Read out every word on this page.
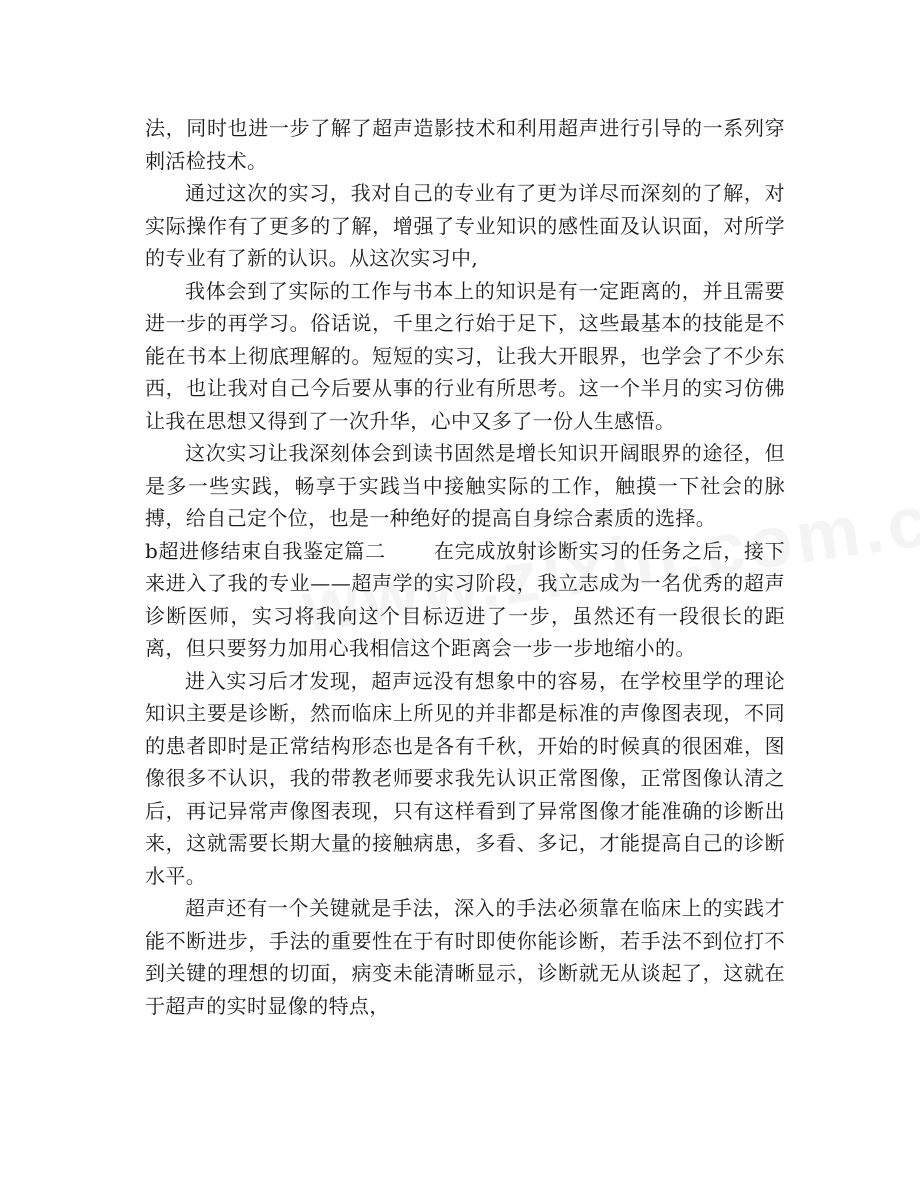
法，同时也进一步了解了超声造影技术和利用超声进行引导的一系列穿刺活检技术。

通过这次的实习，我对自己的专业有了更为详尽而深刻的了解，对实际操作有了更多的了解，增强了专业知识的感性面及认识面，对所学的专业有了新的认识。从这次实习中,

我体会到了实际的工作与书本上的知识是有一定距离的，并且需要进一步的再学习。俗话说，千里之行始于足下，这些最基本的技能是不能在书本上彻底理解的。短短的实习，让我大开眼界，也学会了不少东西，也让我对自己今后要从事的行业有所思考。这一个半月的实习仿佛让我在思想又得到了一次升华，心中又多了一份人生感悟。

这次实习让我深刻体会到读书固然是增长知识开阔眼界的途径，但是多一些实践，畅享于实践当中接触实际的工作，触摸一下社会的脉搏，给自己定个位，也是一种绝好的提高自身综合素质的选择。

b超进修结束自我鉴定篇二 在完成放射诊断实习的任务之后，接下来进入了我的专业——超声学的实习阶段，我立志成为一名优秀的超声诊断医师，实习将我向这个目标迈进了一步，虽然还有一段很长的距离，但只要努力加用心我相信这个距离会一步一步地缩小的。

进入实习后才发现，超声远没有想象中的容易，在学校里学的理论知识主要是诊断，然而临床上所见的并非都是标准的声像图表现，不同的患者即时是正常结构形态也是各有千秋，开始的时候真的很困难，图像很多不认识，我的带教老师要求我先认识正常图像，正常图像认清之后，再记异常声像图表现，只有这样看到了异常图像才能准确的诊断出来，这就需要长期大量的接触病患，多看、多记，才能提高自己的诊断水平。

超声还有一个关键就是手法，深入的手法必须靠在临床上的实践才能不断进步，手法的重要性在于有时即使你能诊断，若手法不到位打不到关键的理想的切面，病变未能清晰显示，诊断就无从谈起了，这就在于超声的实时显像的特点，
